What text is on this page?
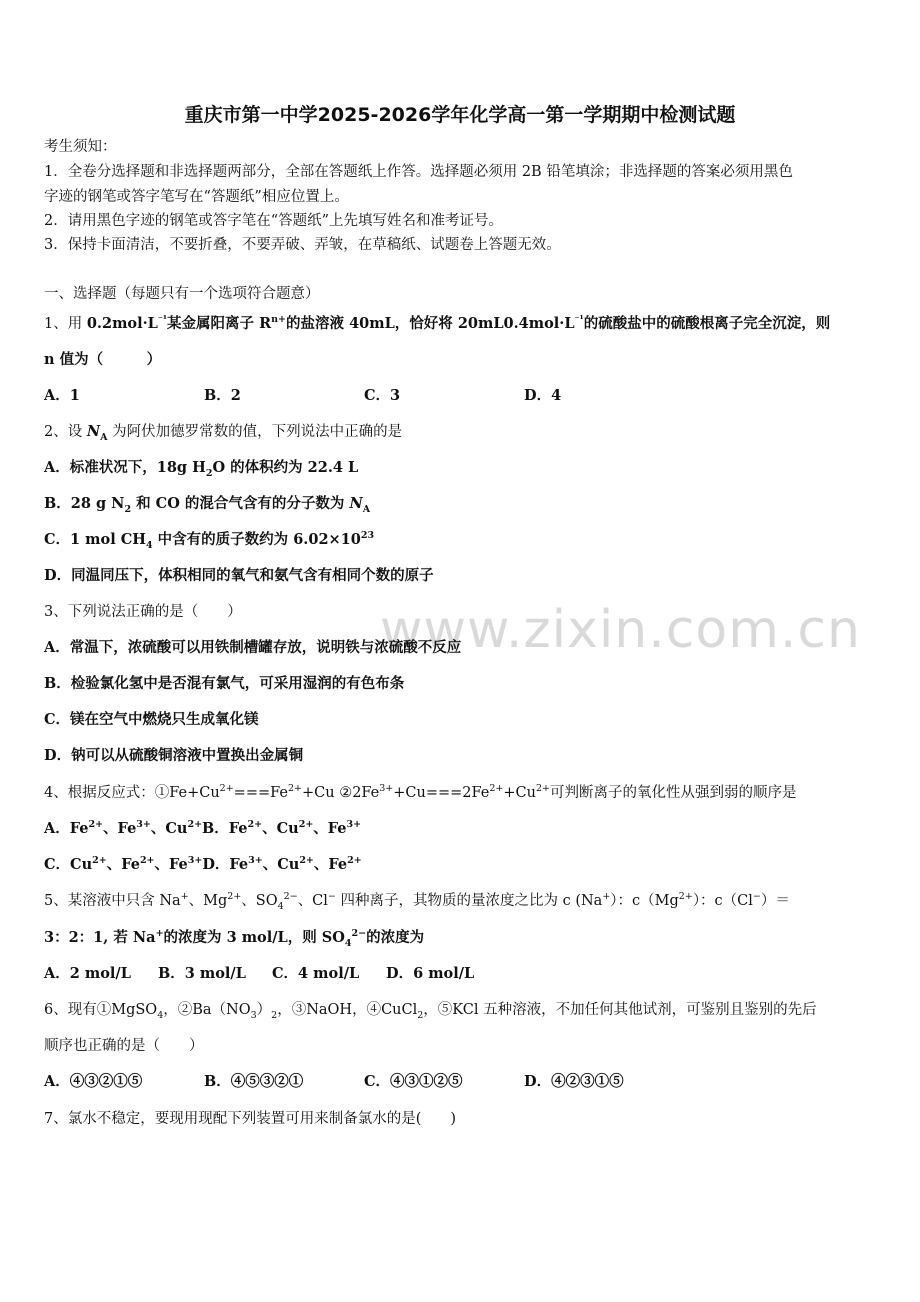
www.zixin.com.cn
重庆市第一中学2025-2026学年化学高一第一学期期中检测试题
考生须知：
1．全卷分选择题和非选择题两部分，全部在答题纸上作答。选择题必须用 2B 铅笔填涂；非选择题的答案必须用黑色
字迹的钢笔或答字笔写在“答题纸”相应位置上。
2．请用黑色字迹的钢笔或答字笔在“答题纸”上先填写姓名和准考证号。
3．保持卡面清洁，不要折叠，不要弄破、弄皱，在草稿纸、试题卷上答题无效。
一、选择题（每题只有一个选项符合题意）
1、用 $0.2mol\cdot L^{^{-1}}$某金属阳离子 $R^{n+}$的盐溶液 40mL，恰好将 $20mL0.4mol\cdot L^{^{-1}}$的硫酸盐中的硫酸根离子完全沉淀，则
n 值为（　　　）
A．1	B．2	C．3	D．4
2、设 $N_A$ 为阿伏加德罗常数的值，下列说法中正确的是
A．标准状况下，18g $H_2O$ 的体积约为 22.4 L
B．28 g $N_2$ 和 CO 的混合气含有的分子数为 $N_A$
C．1 mol $CH_4$ 中含有的质子数约为 $6.02\times 10^{23}$
D．同温同压下，体积相同的氧气和氨气含有相同个数的原子
3、下列说法正确的是（　　）
A．常温下，浓硫酸可以用铁制槽罐存放，说明铁与浓硫酸不反应
B．检验氯化氢中是否混有氯气，可采用湿润的有色布条
C．镁在空气中燃烧只生成氧化镁
D．钠可以从硫酸铜溶液中置换出金属铜
4、根据反应式：$①Fe+Cu^{2+}===Fe^{2+}+Cu$ $②2Fe^{3+}+Cu===2Fe^{2+}+Cu^{2+}$可判断离子的氧化性从强到弱的顺序是
A．$Fe^{2+}$、$Fe^{3+}$、$Cu^{2+}B$．$Fe^{2+}$、$Cu^{2+}$、$Fe^{3+}$
C．$Cu^{2+}$、$Fe^{2+}$、$Fe^{3+}D$．$Fe^{3+}$、$Cu^{2+}$、$Fe^{2+}$
5、某溶液中只含 Na+、$Mg^{2+}$、$SO_4^{2-}$、Cl− 四种离子，其物质的量浓度之比为 c (Na+）：$c(Mg^{2+})$：c（Cl−）＝
3：2：1, 若 Na+的浓度为 3 mol/L，则 $SO_4^{2-}$的浓度为
A．2 mol/L B．3 mol/L C．4 mol/L D．6 mol/L
6、现有①MgSO$_4$，$②Ba(NO_3)_2$，③NaOH，④CuCl$_2$，⑤KCl 五种溶液，不加任何其他试剂，可鉴别且鉴别的先后
顺序也正确的是（　　）
A．④③②①⑤	B．④⑤③②①	C．④③①②⑤	D．④②③①⑤
7、氯水不稳定，要现用现配下列装置可用来制备氯水的是(　　)
